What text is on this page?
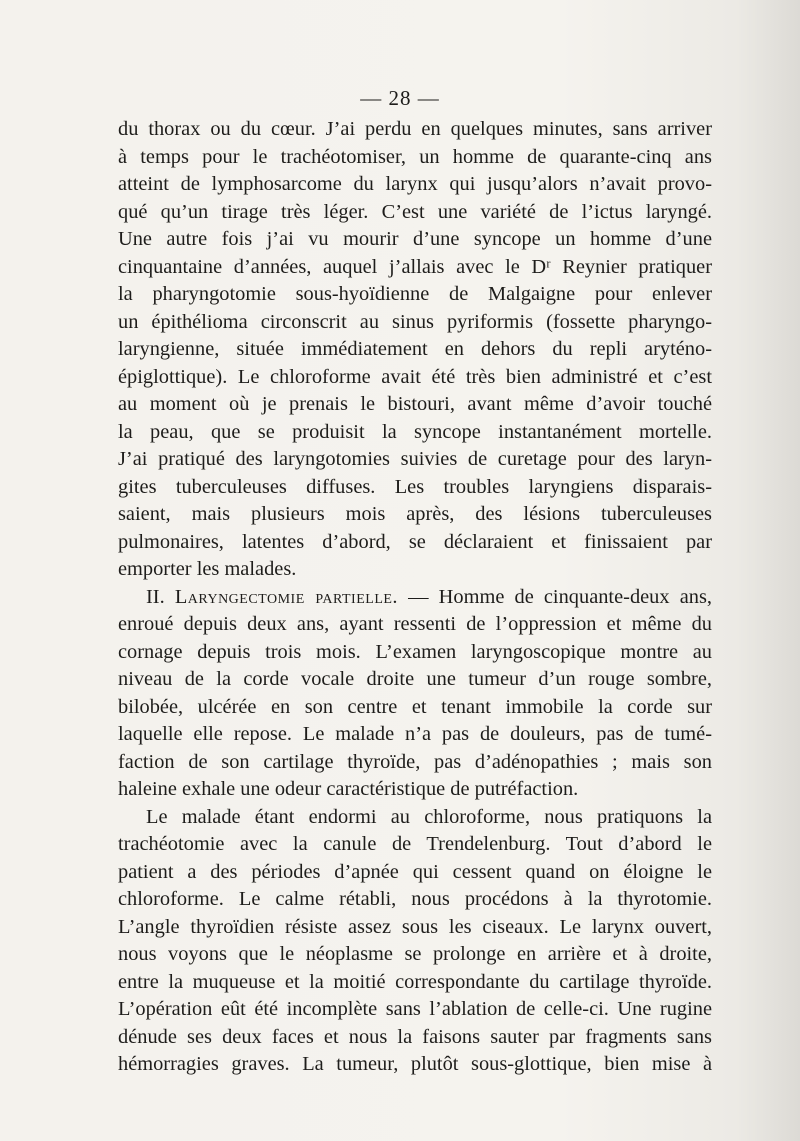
— 28 —
du thorax ou du cœur. J’ai perdu en quelques minutes, sans arriver
à temps pour le trachéotomiser, un homme de quarante-cinq ans
atteint de lymphosarcome du larynx qui jusqu’alors n’avait provo-
qué qu’un tirage très léger. C’est une variété de l’ictus laryngé.
Une autre fois j’ai vu mourir d’une syncope un homme d’une
cinquantaine d’années, auquel j’allais avec le Dʳ Reynier pratiquer
la pharyngotomie sous-hyoïdienne de Malgaigne pour enlever
un épithélioma circonscrit au sinus pyriformis (fossette pharyngo-
laryngienne, située immédiatement en dehors du repli aryténo-
épiglottique). Le chloroforme avait été très bien administré et c’est
au moment où je prenais le bistouri, avant même d’avoir touché
la peau, que se produisit la syncope instantanément mortelle.
J’ai pratiqué des laryngotomies suivies de curetage pour des laryn-
gites tuberculeuses diffuses. Les troubles laryngiens disparais-
saient, mais plusieurs mois après, des lésions tuberculeuses
pulmonaires, latentes d’abord, se déclaraient et finissaient par
emporter les malades.
II. Laryngectomie partielle. — Homme de cinquante-deux ans,
enroué depuis deux ans, ayant ressenti de l’oppression et même du
cornage depuis trois mois. L’examen laryngoscopique montre au
niveau de la corde vocale droite une tumeur d’un rouge sombre,
bilobée, ulcérée en son centre et tenant immobile la corde sur
laquelle elle repose. Le malade n’a pas de douleurs, pas de tumé-
faction de son cartilage thyroïde, pas d’adénopathies ; mais son
haleine exhale une odeur caractéristique de putréfaction.
Le malade étant endormi au chloroforme, nous pratiquons la
trachéotomie avec la canule de Trendelenburg. Tout d’abord le
patient a des périodes d’apnée qui cessent quand on éloigne le
chloroforme. Le calme rétabli, nous procédons à la thyrotomie.
L’angle thyroïdien résiste assez sous les ciseaux. Le larynx ouvert,
nous voyons que le néoplasme se prolonge en arrière et à droite,
entre la muqueuse et la moitié correspondante du cartilage thyroïde.
L’opération eût été incomplète sans l’ablation de celle-ci. Une rugine
dénude ses deux faces et nous la faisons sauter par fragments sans
hémorragies graves. La tumeur, plutôt sous-glottique, bien mise à
